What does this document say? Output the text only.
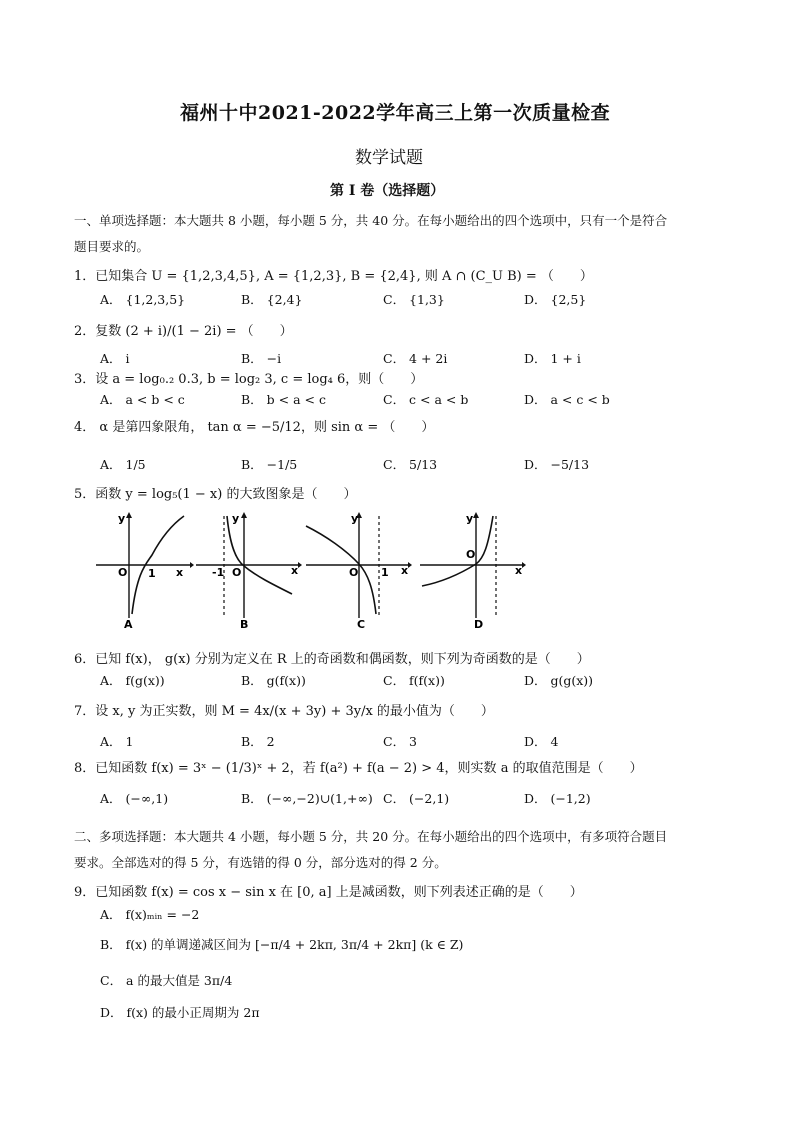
福州十中2021-2022学年高三上第一次质量检查
数学试题
第 I 卷（选择题）
一、单项选择题：本大题共 8 小题，每小题 5 分，共 40 分。在每小题给出的四个选项中，只有一个是符合
题目要求的。
1．已知集合 U = {1,2,3,4,5}, A = {1,2,3}, B = {2,4}, 则 A ∩ (C_U B) = （　　）
A． {1,2,3,5}	B． {2,4}	C． {1,3}	D． {2,5}
2．复数 (2 + i)/(1 − 2i) = （　　）
A． i	B． −i	C． 4 + 2i	D． 1 + i
3．设 a = log₀.₂ 0.3, b = log₂ 3, c = log₄ 6，则（　　）
A． a < b < c	B． b < a < c	C． c < a < b	D． a < c < b
4． α 是第四象限角， tan α = −5/12，则 sin α = （　　）
A． 1/5	B． −1/5	C． 5/13	D． −5/13
5．函数 y = log₅(1 − x) 的大致图象是（　　）
y
x
O 1
A
y
x
O
-1
B
y
x
O 1
C
y
x
O
D
6．已知 f(x)， g(x) 分别为定义在 R 上的奇函数和偶函数，则下列为奇函数的是（　　）
A． f(g(x))	B． g(f(x))	C． f(f(x))	D． g(g(x))
7．设 x, y 为正实数，则 M = 4x/(x + 3y) + 3y/x 的最小值为（　　）
A． 1	B． 2	C． 3	D． 4
8．已知函数 f(x) = 3ˣ − (1/3)ˣ + 2，若 f(a²) + f(a − 2) > 4，则实数 a 的取值范围是（　　）
A． (−∞,1)	B． (−∞,−2)∪(1,+∞) C． (−2,1)	D． (−1,2)
二、多项选择题：本大题共 4 小题，每小题 5 分，共 20 分。在每小题给出的四个选项中，有多项符合题目
要求。全部选对的得 5 分，有选错的得 0 分，部分选对的得 2 分。
9．已知函数 f(x) = cos x − sin x 在 [0, a] 上是减函数，则下列表述正确的是（　　）
A． f(x)ₘᵢₙ = −2
B． f(x) 的单调递减区间为 [−π/4 + 2kπ, 3π/4 + 2kπ] (k ∈ Z)
C． a 的最大值是 3π/4
D． f(x) 的最小正周期为 2π
